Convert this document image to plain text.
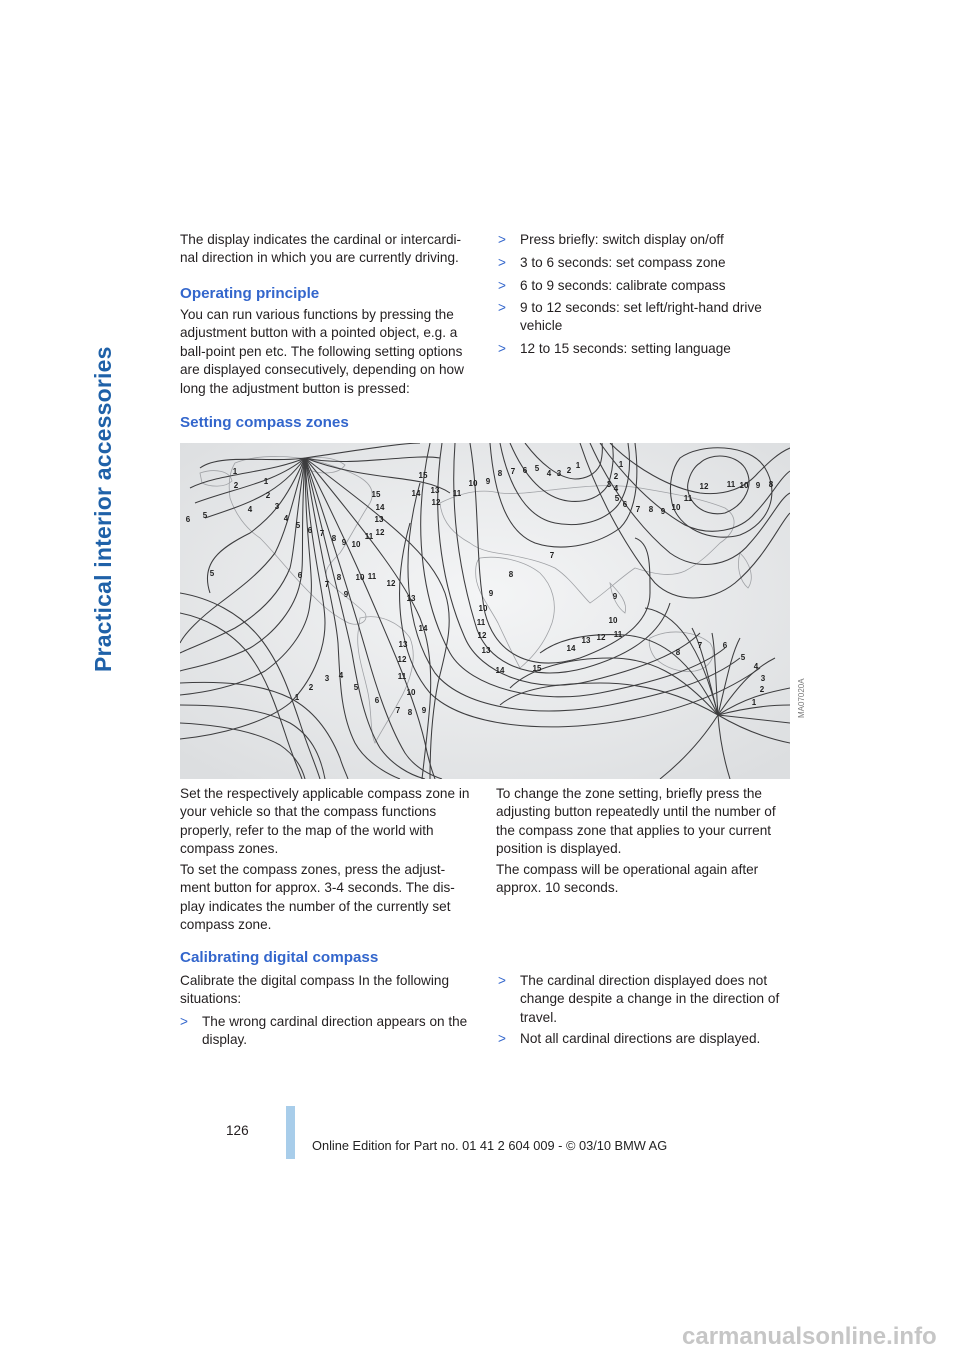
Practical interior accessories

The display indicates the cardinal or intercardi-nal direction in which you are currently driving.

Operating principle

You can run various functions by pressing the adjustment button with a pointed object, e.g. a ball-point pen etc. The following setting options are displayed consecutively, depending on how long the adjustment button is pressed:

> Press briefly: switch display on/off
> 3 to 6 seconds: set compass zone
> 6 to 9 seconds: calibrate compass
> 9 to 12 seconds: set left/right-hand drive vehicle
> 12 to 15 seconds: setting language
Setting compass zones
1
2	1
2
3
4
5
6	4
5
6 7
8 9 10
11 12
13
14
15
15
14 13
12
11
10 9
8 7 6 5
4 3 2
1	1
2
3 4
5
6
7 8 9 10
11
12 11 10 9 8
5	6
7
8
9
10 11
12
13
14
12
11
10
9
8
7
6
5
4
3
2
1
13
7
8
9
10
11
12
13
14	15
14
13 12 11
10
9
8
7	6
5
4
3
2
1	MA07020A

Set the respectively applicable compass zone in your vehicle so that the compass functions properly, refer to the map of the world with compass zones.

To set the compass zones, press the adjust-ment button for approx. 3-4 seconds. The dis-play indicates the number of the currently set compass zone.

To change the zone setting, briefly press the adjusting button repeatedly until the number of the compass zone that applies to your current position is displayed.

The compass will be operational again after approx. 10 seconds.

Calibrating digital compass

Calibrate the digital compass In the following situations:

> The wrong cardinal direction appears on the display.
> The cardinal direction displayed does not change despite a change in the direction of travel.
> Not all cardinal directions are displayed.
126
Online Edition for Part no. 01 41 2 604 009 - © 03/10 BMW AG
carmanualsonline.info
